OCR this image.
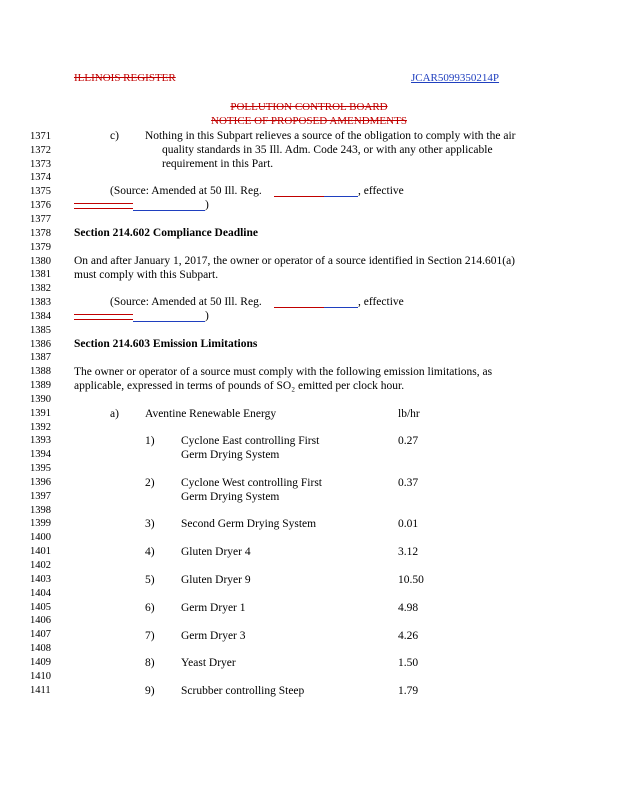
ILLINOIS REGISTER	JCAR5099350214P
POLLUTION CONTROL BOARD
NOTICE OF PROPOSED AMENDMENTS
1371
1372
1373
1374
1375
1376
1377
1378
1379
1380
1381
1382
1383
1384
1385
1386
1387
1388
1389
1390
1391
1392
1393
1394
1395
1396
1397
1398
1399
1400
1401
1402
1403
1404
1405
1406
1407
1408
1409
1410
1411
c) Nothing in this Subpart relieves a source of the obligation to comply with the air
quality standards in 35 Ill. Adm. Code 243, or with any other applicable
requirement in this Part.
(Source: Amended at 50 Ill. Reg.	, effective
)
Section 214.602 Compliance Deadline
On and after January 1, 2017, the owner or operator of a source identified in Section 214.601(a)
must comply with this Subpart.
(Source: Amended at 50 Ill. Reg.	, effective
)
Section 214.603 Emission Limitations
The owner or operator of a source must comply with the following emission limitations, as
applicable, expressed in terms of pounds of SO₂ emitted per clock hour.
a) Aventine Renewable Energy	lb/hr
1) Cyclone East controlling First
Germ Drying System
0.27
2) Cyclone West controlling First
Germ Drying System
0.37
3) Second Germ Drying System	0.01
4) Gluten Dryer 4	3.12
5) Gluten Dryer 9	10.50
6) Germ Dryer 1	4.98
7) Germ Dryer 3	4.26
8) Yeast Dryer	1.50
9) Scrubber controlling Steep	1.79
